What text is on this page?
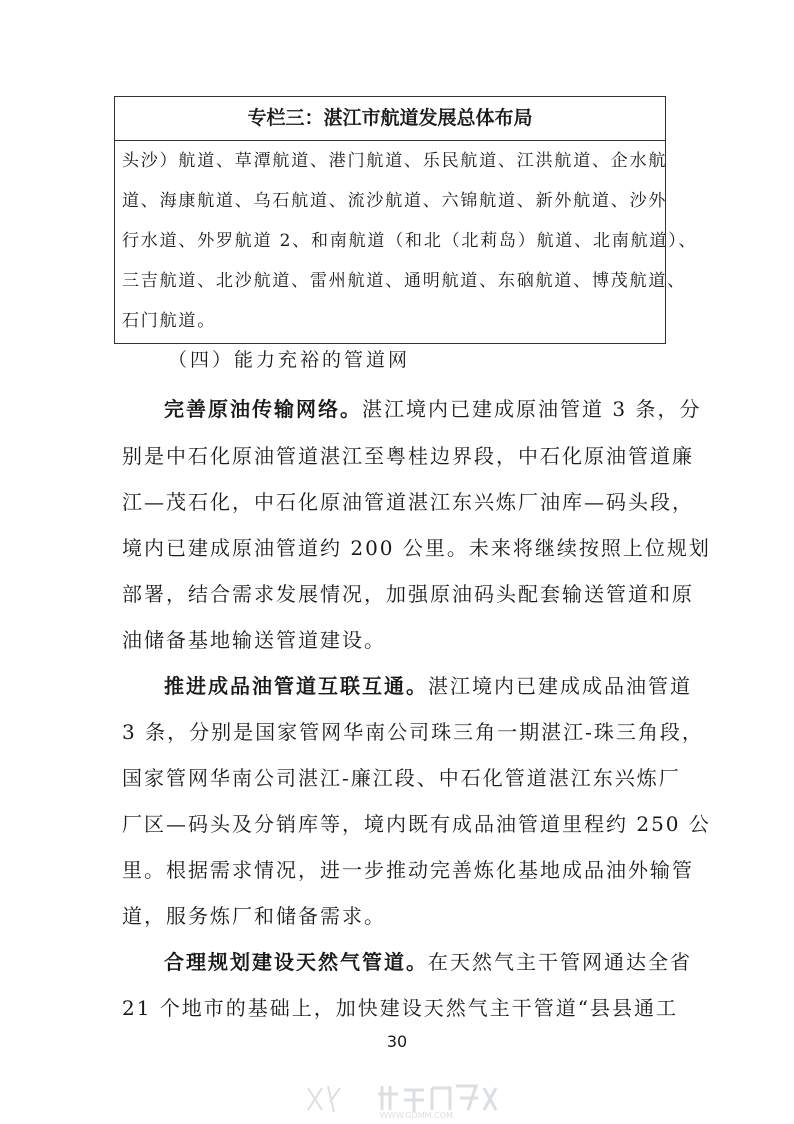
专栏三：湛江市航道发展总体布局
头沙）航道、草潭航道、港门航道、乐民航道、江洪航道、企水航
道、海康航道、乌石航道、流沙航道、六锦航道、新外航道、沙外
行水道、外罗航道 2、和南航道（和北（北莉岛）航道、北南航道）、
三吉航道、北沙航道、雷州航道、通明航道、东硇航道、博茂航道、
石门航道。
（四）能力充裕的管道网
完善原油传输网络。湛江境内已建成原油管道 3 条，分
别是中石化原油管道湛江至粤桂边界段，中石化原油管道廉
江—茂石化，中石化原油管道湛江东兴炼厂油库—码头段，
境内已建成原油管道约 200 公里。未来将继续按照上位规划
部署，结合需求发展情况，加强原油码头配套输送管道和原
油储备基地输送管道建设。
推进成品油管道互联互通。湛江境内已建成成品油管道
3 条，分别是国家管网华南公司珠三角一期湛江-珠三角段，
国家管网华南公司湛江-廉江段、中石化管道湛江东兴炼厂
厂区—码头及分销库等，境内既有成品油管道里程约 250 公
里。根据需求情况，进一步推动完善炼化基地成品油外输管
道，服务炼厂和储备需求。
合理规划建设天然气管道。在天然气主干管网通达全省
21 个地市的基础上，加快建设天然气主干管道“县县通工
30
WWW.GDMM.COM
